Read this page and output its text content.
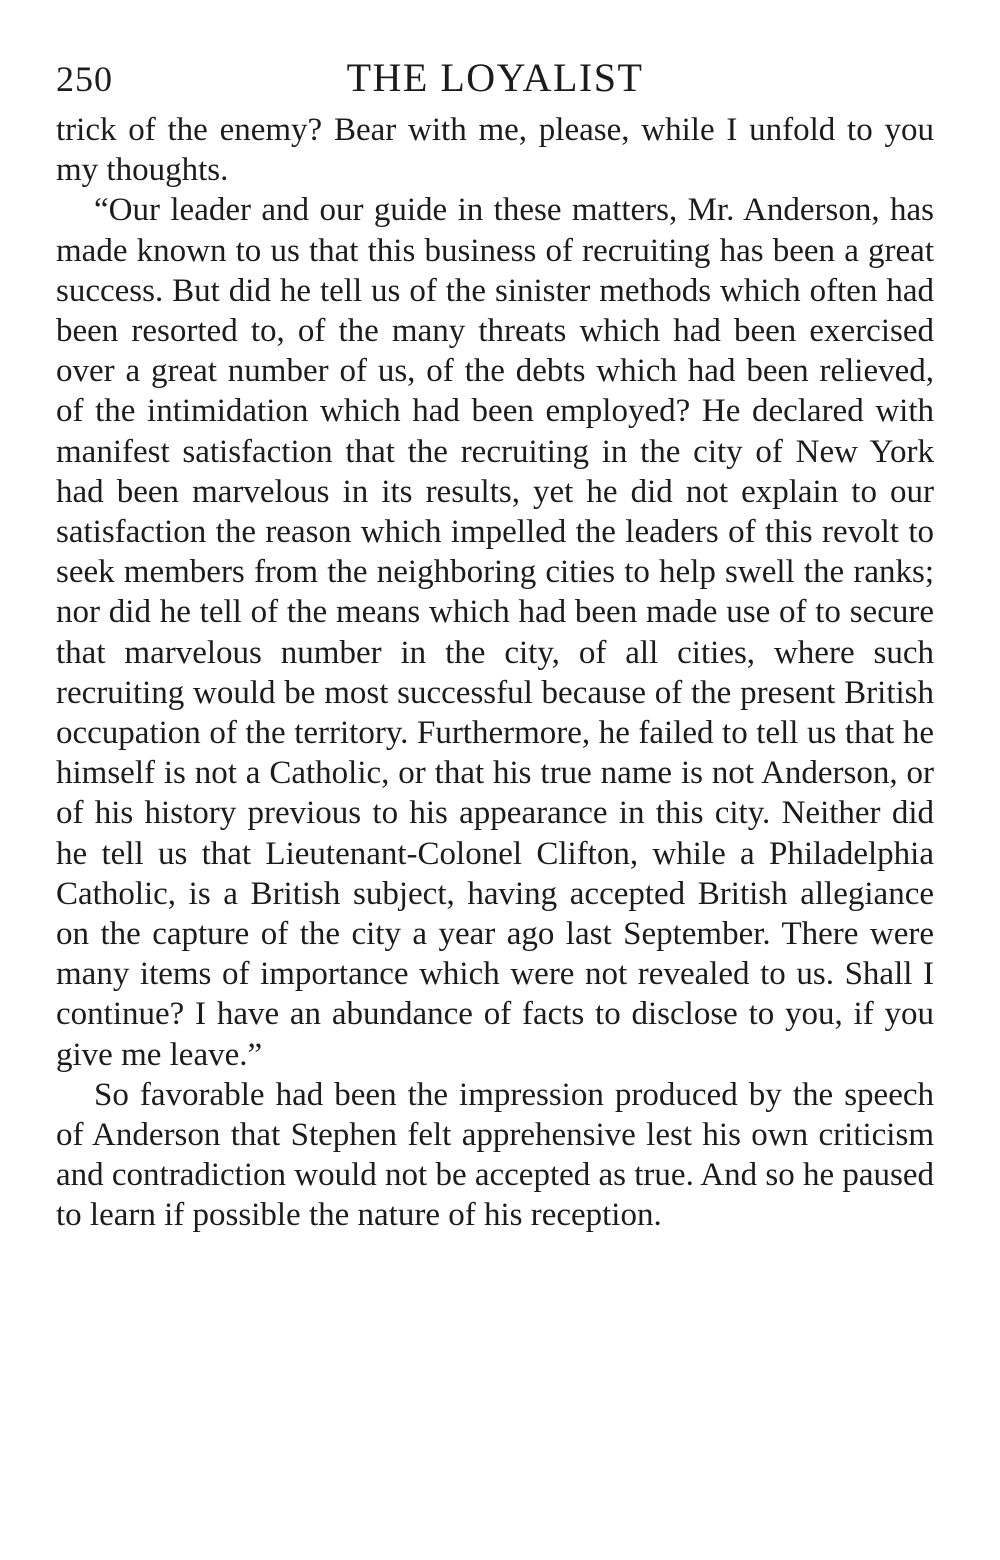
250	THE LOYALIST

trick of the enemy? Bear with me, please, while I unfold to you my thoughts.

“Our leader and our guide in these matters, Mr. Anderson, has made known to us that this business of recruiting has been a great success. But did he tell us of the sinister methods which often had been resorted to, of the many threats which had been exercised over a great number of us, of the debts which had been relieved, of the intimidation which had been employed? He declared with manifest satisfaction that the recruiting in the city of New York had been marvelous in its results, yet he did not explain to our satisfaction the reason which impelled the leaders of this revolt to seek members from the neighboring cities to help swell the ranks; nor did he tell of the means which had been made use of to secure that marvelous number in the city, of all cities, where such recruiting would be most successful because of the present British occupation of the territory. Furthermore, he failed to tell us that he himself is not a Catholic, or that his true name is not Anderson, or of his history previous to his appearance in this city. Neither did he tell us that Lieutenant-Colonel Clifton, while a Philadelphia Catholic, is a British subject, having accepted British allegiance on the capture of the city a year ago last September. There were many items of importance which were not revealed to us. Shall I continue? I have an abundance of facts to disclose to you, if you give me leave.”

So favorable had been the impression produced by the speech of Anderson that Stephen felt apprehensive lest his own criticism and contradiction would not be accepted as true. And so he paused to learn if possible the nature of his reception.
